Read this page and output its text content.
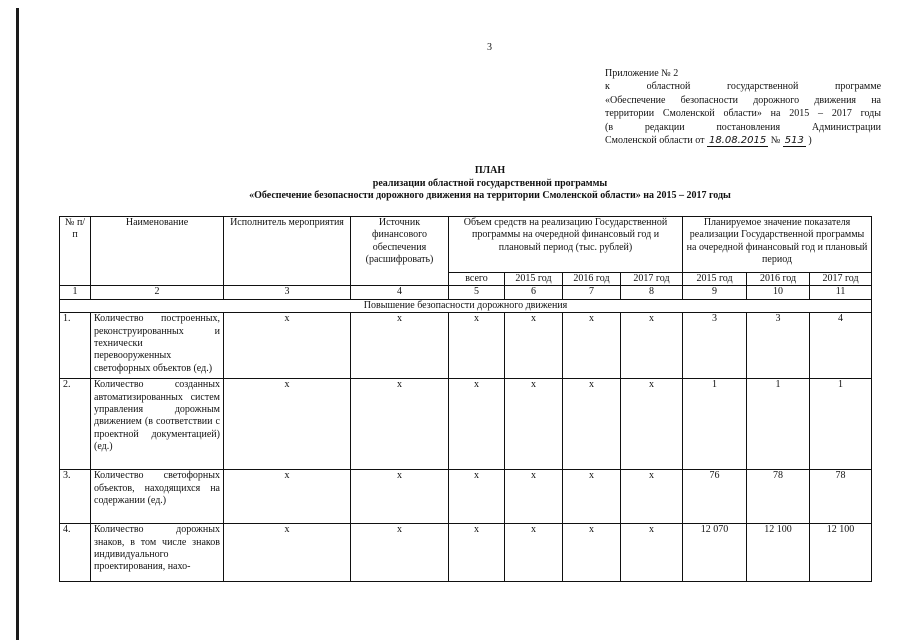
3
Приложение № 2
к	областной	государственной	программе
«Обеспечение безопасности дорожного движения на
территории Смоленской области» на 2015 – 2017 годы
(в	редакции	постановления	Администрации
Смоленской области от 18.08.2015 № 513 )
ПЛАН
реализации областной государственной программы
«Обеспечение безопасности дорожного движения на территории Смоленской области» на 2015 – 2017 годы
№ п/п	Наименование	Исполнитель мероприятия	Источник финансового обеспечения (расшифровать)	Объем средств на реализацию Государственной программы на очередной финансовый год и плановый период (тыс. рублей)				Планируемое значение показателя реализации Государственной программы на очередной финансовый год и плановый период		
				всего	2015 год	2016 год	2017 год	2015 год	2016 год	2017 год
1	2	3	4	5	6	7	8	9	10	11
Повышение безопасности дорожного движения										
1.	Количество построенных, реконструированных и технически перевооруженных светофорных объектов (ед.)	х	х	х	х	х	х	3	3	4
2.	Количество созданных автоматизированных систем управления дорожным движением (в соответствии с проектной документацией) (ед.)	х	х	х	х	х	х	1	1	1
3.	Количество светофорных объектов, находящихся на содержании (ед.)	х	х	х	х	х	х	76	78	78
4.	Количество дорожных знаков, в том числе знаков индивидуального проектирования, нахо-	х	х	х	х	х	х	12 070	12 100	12 100
